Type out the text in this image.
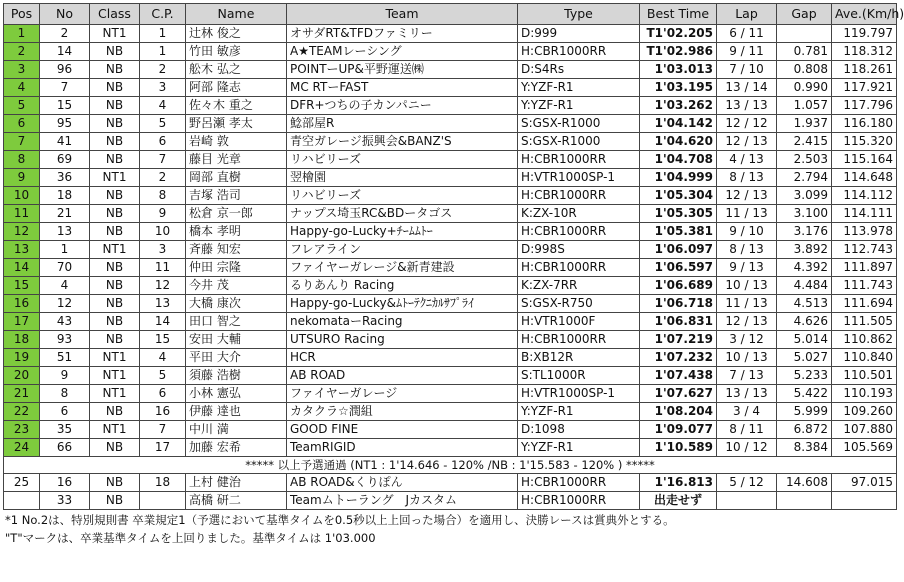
Pos	No	Class	C.P.	Name	Team	Type	Best Time	Lap	Gap	Ave.(Km/h)
1	2	NT1	1	辻林 俊之	オサダRT&TFDファミリー	D:999	T1'02.205	6 / 11		119.797
2	14	NB	1	竹田 敏彦	A★TEAMレーシング	H:CBR1000RR	T1'02.986	9 / 11	0.781	118.312
3	96	NB	2	舩木 弘之	POINTーUP&平野運送㈱	D:S4Rs	1'03.013	7 / 10	0.808	118.261
4	7	NB	3	阿部 隆志	MC RTーFAST	Y:YZF-R1	1'03.195	13 / 14	0.990	117.921
5	15	NB	4	佐々木 重之	DFR+つちの子カンパニー	Y:YZF-R1	1'03.262	13 / 13	1.057	117.796
6	95	NB	5	野呂瀬 孝太	鯰部屋R	S:GSX-R1000	1'04.142	12 / 12	1.937	116.180
7	41	NB	6	岩崎 敦	青空ガレージ振興会&BANZ'S	S:GSX-R1000	1'04.620	12 / 13	2.415	115.320
8	69	NB	7	藤目 光章	リハビリーズ	H:CBR1000RR	1'04.708	4 / 13	2.503	115.164
9	36	NT1	2	岡部 直樹	翌檜園	H:VTR1000SP-1	1'04.999	8 / 13	2.794	114.648
10	18	NB	8	吉塚 浩司	リハビリーズ	H:CBR1000RR	1'05.304	12 / 13	3.099	114.112
11	21	NB	9	松倉 京一郎	ナップス埼玉RC&BDータゴス	K:ZX-10R	1'05.305	11 / 13	3.100	114.111
12	13	NB	10	橋本 孝明	Happy-go-Lucky+ﾁｰﾑﾑﾄｰ	H:CBR1000RR	1'05.381	9 / 10	3.176	113.978
13	1	NT1	3	斉藤 知宏	フレアライン	D:998S	1'06.097	8 / 13	3.892	112.743
14	70	NB	11	仲田 宗隆	ファイヤーガレージ&新青建設	H:CBR1000RR	1'06.597	9 / 13	4.392	111.897
15	4	NB	12	今井 茂	るりあんり Racing	K:ZX-7RR	1'06.689	10 / 13	4.484	111.743
16	12	NB	13	大橋 康次	Happy-go-Lucky&ﾑﾄｰﾃｸﾆｶﾙｻﾌﾟﾗｲ	S:GSX-R750	1'06.718	11 / 13	4.513	111.694
17	43	NB	14	田口 智之	nekomataーRacing	H:VTR1000F	1'06.831	12 / 13	4.626	111.505
18	93	NB	15	安田 大輔	UTSURO Racing	H:CBR1000RR	1'07.219	3 / 12	5.014	110.862
19	51	NT1	4	平田 大介	HCR	B:XB12R	1'07.232	10 / 13	5.027	110.840
20	9	NT1	5	須藤 浩樹	AB ROAD	S:TL1000R	1'07.438	7 / 13	5.233	110.501
21	8	NT1	6	小林 憲弘	ファイヤーガレージ	H:VTR1000SP-1	1'07.627	13 / 13	5.422	110.193
22	6	NB	16	伊藤 達也	カタクラ☆潤組	Y:YZF-R1	1'08.204	3 / 4	5.999	109.260
23	35	NT1	7	中川 満	GOOD FINE	D:1098	1'09.077	8 / 11	6.872	107.880
24	66	NB	17	加藤 宏希	TeamRIGID	Y:YZF-R1	1'10.589	10 / 12	8.384	105.569
***** 以上予選通過 (NT1 : 1'14.646 - 120% /NB : 1'15.583 - 120% ) *****										
25	16	NB	18	上村 健治	AB ROAD&くりぽん	H:CBR1000RR	1'16.813	5 / 12	14.608	97.015
	33	NB		高橋 研二	Teamムトーラング　Jカスタム	H:CBR1000RR	出走せず			
*1 No.2は、特別規則書 卒業規定1（予選において基準タイムを0.5秒以上上回った場合）を適用し、決勝レースは賞典外とする。
"T"マークは、卒業基準タイムを上回りました。基準タイムは 1'03.000
